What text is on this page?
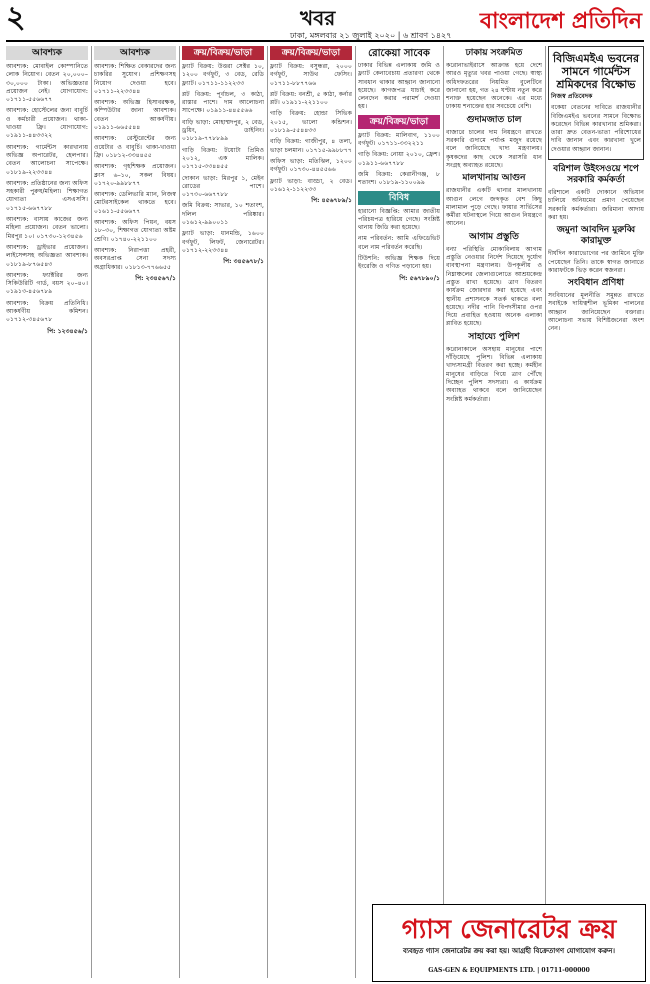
২	খবর
ঢাকা, মঙ্গলবার ২১ জুলাই ২০২০ | ৬ শ্রাবণ ১৪২৭
বাংলাদেশ প্রতিদিন
আবশ্যক

আবশ্যক: মোবাইল কোম্পানিতে লোক নিয়োগ। বেতন ২০,০০০–৩০,০০০ টাকা। অভিজ্ঞতার প্রয়োজন নেই। যোগাযোগ: ০১৭১১-৫৫৬৬৭৭

আবশ্যক: হোস্টেলের জন্য বাবুর্চি ও কর্মচারী প্রয়োজন। থাকা-খাওয়া ফ্রি। যোগাযোগ: ০১৯১১-৪৪৩৩২২

আবশ্যক: গার্মেন্টস কারখানায় অভিজ্ঞ অপারেটর, হেলপার। বেতন আলোচনা সাপেক্ষে। ০১৮১৯-২২৩৩৪৪

আবশ্যক: প্রতিষ্ঠানের জন্য অফিস সহকারী পুরুষ/মহিলা। শিক্ষাগত যোগ্যতা এসএসসি। ০১৭১৫-৬৬৭৭৮৮

আবশ্যক: বাসায় কাজের জন্য মহিলা প্রয়োজন। বেতন ভালো। মিরপুর ১০। ০১৭৩০-১২৩৪৫৬

আবশ্যক: ড্রাইভার প্রয়োজন। লাইসেন্সসহ অভিজ্ঞতা আবশ্যক। ০১৮১৯-৮৭৬৫৪৩

আবশ্যক: ফ্যাক্টরির জন্য সিকিউরিটি গার্ড, বয়স ২০–৪০। ০১৯১৩-৪৫৬৭৮৯

আবশ্যক: বিক্রয় প্রতিনিধি। আকর্ষণীয় কমিশন। ০১৭১২-৩৪৫৬৭৮

পি: ১২৩৪৫৬/১

আবশ্যক

আবশ্যক: শিক্ষিত বেকারদের জন্য চাকরির সুযোগ। প্রশিক্ষণসহ নিয়োগ দেওয়া হবে। ০১৭১১-২২৩৩৪৪

আবশ্যক: অভিজ্ঞ হিসাবরক্ষক, কম্পিউটার জানা আবশ্যক। বেতন আকর্ষণীয়। ০১৯১১-৬৬৫৫৪৪

আবশ্যক: রেস্টুরেন্টের জন্য ওয়েটার ও বাবুর্চি। থাকা-খাওয়া ফ্রি। ০১৮১২-৩৩৪৪৫৫

আবশ্যক: গৃহশিক্ষক প্রয়োজন। ক্লাস ৬–১০, সকল বিষয়। ০১৭২০-৯৯৮৮৭৭

আবশ্যক: ডেলিভারি ম্যান, নিজস্ব মোটরসাইকেল থাকতে হবে। ০১৬১১-৫৫৬৬৭৭

আবশ্যক: অফিস পিয়ন, বয়স ১৮–৩০, শিক্ষাগত যোগ্যতা অষ্টম শ্রেণি। ০১৭৪০-২২১১০০

আবশ্যক: নিরাপত্তা প্রহরী, অবসরপ্রাপ্ত সেনা সদস্য অগ্রাধিকার। ০১৮১৩-৭৭৬৬৫৫

পি: ২৩৪৫৬৭/১

ক্রয়/বিক্রয়/ভাড়া

ফ্ল্যাট বিক্রয়: উত্তরা সেক্টর ১০, ১২০০ বর্গফুট, ৩ বেড, রেডি ফ্ল্যাট। ০১৭১১-১১২২৩৩

প্লট বিক্রয়: পূর্বাচল, ৩ কাঠা, রাস্তার পাশে। দাম আলোচনা সাপেক্ষে। ০১৯১১-৪৪৫৫৬৬

বাড়ি ভাড়া: মোহাম্মদপুর, ২ বেড, ড্রয়িং, ডাইনিং। ০১৮১৯-৭৭৮৮৯৯

গাড়ি বিক্রয়: টয়োটা প্রিমিও ২০১২, এক মালিক। ০১৭১৫-৩৩৪৪৫৫

দোকান ভাড়া: মিরপুর ১, মেইন রোডের পাশে। ০১৭৩০-৬৬৭৭৮৮

জমি বিক্রয়: সাভার, ১০ শতাংশ, দলিল পরিষ্কার। ০১৬১২-৯৯০০১১

ফ্ল্যাট ভাড়া: ধানমন্ডি, ১৬০০ বর্গফুট, লিফট, জেনারেটর। ০১৭১২-২২৩৩৪৪

পি: ৩৪৫৬৭৮/১

ক্রয়/বিক্রয়/ভাড়া

ফ্ল্যাট বিক্রয়: বসুন্ধরা, ২০০০ বর্গফুট, সাউথ ফেসিং। ০১৭১১-৮৮৭৭৬৬

প্লট বিক্রয়: বনশ্রী, ৫ কাঠা, কর্নার প্লট। ০১৯১১-২২১১০০

গাড়ি বিক্রয়: হোন্ডা সিভিক ২০১৫, ভালো কন্ডিশন। ০১৮১৯-৫৫৪৪৩৩

বাড়ি বিক্রয়: গাজীপুর, ৪ তলা, ভাড়া চলমান। ০১৭১৫-৯৯৮৮৭৭

অফিস ভাড়া: মতিঝিল, ১২০০ বর্গফুট। ০১৭৩০-৪৪৫৫৬৬

ফ্ল্যাট ভাড়া: বাড্ডা, ২ বেড। ০১৬১২-১১২২৩৩

পি: ৪৫৬৭৮৯/১

রোকেয়া সাবেক

ঢাকার বিভিন্ন এলাকায় জমি ও ফ্ল্যাট কেনাবেচায় প্রতারণা থেকে সাবধান থাকার আহ্বান জানানো হয়েছে। কাগজপত্র যাচাই করে লেনদেন করার পরামর্শ দেওয়া হয়।

ক্রয়/বিক্রয়/ভাড়া

ফ্ল্যাট বিক্রয়: মালিবাগ, ১১০০ বর্গফুট। ০১৭১১-৩৩২২১১

গাড়ি বিক্রয়: নোয়া ২০১০, ফ্রেশ। ০১৯১১-৬৬৭৭৮৮

জমি বিক্রয়: কেরানীগঞ্জ, ৮ শতাংশ। ০১৮১৯-১১০০৯৯

বিবিধ

হারানো বিজ্ঞপ্তি: আমার জাতীয় পরিচয়পত্র হারিয়ে গেছে। সংশ্লিষ্ট থানায় জিডি করা হয়েছে।

নাম পরিবর্তন: আমি এফিডেভিট বলে নাম পরিবর্তন করেছি।

টিউশনি: অভিজ্ঞ শিক্ষক দিয়ে ইংরেজি ও গণিত পড়ানো হয়।

পি: ৫৬৭৮৯০/১

ঢাকায় সংক্রমিত

করোনাভাইরাসে আক্রান্ত হয়ে দেশে আরও মৃত্যুর খবর পাওয়া গেছে। স্বাস্থ্য অধিদফতরের নিয়মিত বুলেটিনে জানানো হয়, গত ২৪ ঘণ্টায় নতুন করে শনাক্ত হয়েছেন অনেকে। এর মধ্যে ঢাকায় শনাক্তের হার সবচেয়ে বেশি।

গুদামজাত চাল

বাজারে চালের দাম নিয়ন্ত্রণে রাখতে সরকারি গুদামে পর্যাপ্ত মজুদ রয়েছে বলে জানিয়েছে খাদ্য মন্ত্রণালয়। কৃষকদের কাছ থেকে সরাসরি ধান সংগ্রহ অব্যাহত রয়েছে।

মালখানায় আগুন

রাজধানীর একটি থানার মালখানায় আগুন লেগে জব্দকৃত বেশ কিছু মালামাল পুড়ে গেছে। ফায়ার সার্ভিসের কর্মীরা ঘটনাস্থলে গিয়ে আগুন নিয়ন্ত্রণে আনেন।

আগাম প্রস্তুতি

বন্যা পরিস্থিতি মোকাবিলায় আগাম প্রস্তুতি নেওয়ার নির্দেশ দিয়েছে দুর্যোগ ব্যবস্থাপনা মন্ত্রণালয়। উপকূলীয় ও নিম্নাঞ্চলের জেলাগুলোতে আশ্রয়কেন্দ্র প্রস্তুত রাখা হয়েছে। ত্রাণ বিতরণ কার্যক্রম জোরদার করা হয়েছে এবং স্থানীয় প্রশাসনকে সতর্ক থাকতে বলা হয়েছে। নদীর পানি বিপদসীমার ওপর দিয়ে প্রবাহিত হওয়ায় অনেক এলাকা প্লাবিত হয়েছে।

সাহায্যে পুলিশ

করোনাকালে অসহায় মানুষের পাশে দাঁড়িয়েছে পুলিশ। বিভিন্ন এলাকায় খাদ্যসামগ্রী বিতরণ করা হচ্ছে। কর্মহীন মানুষের বাড়িতে গিয়ে ত্রাণ পৌঁছে দিচ্ছেন পুলিশ সদস্যরা। এ কার্যক্রম অব্যাহত থাকবে বলে জানিয়েছেন সংশ্লিষ্ট কর্মকর্তারা।

বিজিএমইএ ভবনের সামনে গার্মেন্টস শ্রমিকদের বিক্ষোভ

নিজস্ব প্রতিবেদক

বকেয়া বেতনের দাবিতে রাজধানীর বিজিএমইএ ভবনের সামনে বিক্ষোভ করেছেন বিভিন্ন কারখানার শ্রমিকরা। তারা দ্রুত বেতন-ভাতা পরিশোধের দাবি জানান এবং কারখানা খুলে দেওয়ার আহ্বান জানান।

বরিশাল উইংসওয়ে শপে সরকারি কর্মকর্তা

বরিশালে একটি দোকানে অভিযান চালিয়ে অনিয়মের প্রমাণ পেয়েছেন সরকারি কর্মকর্তারা। জরিমানা আদায় করা হয়।

জমুনা আবদিন মুরুব্বি কারামুক্ত

দীর্ঘদিন কারাভোগের পর জামিনে মুক্তি পেয়েছেন তিনি। তাকে স্বাগত জানাতে কারাফটকে ভিড় করেন স্বজনরা।

সংবিধান প্রণিধা

সংবিধানের মূলনীতি সমুন্নত রাখতে সবাইকে দায়িত্বশীল ভূমিকা পালনের আহ্বান জানিয়েছেন বক্তারা। আলোচনা সভায় বিশিষ্টজনেরা অংশ নেন।

গ্যাস জেনারেটর ক্রয়
ব্যবহৃত গ্যাস জেনারেটর ক্রয় করা হয়। আগ্রহী বিক্রেতাগণ যোগাযোগ করুন।
GAS-GEN & EQUIPMENTS LTD. | 01711-000000
